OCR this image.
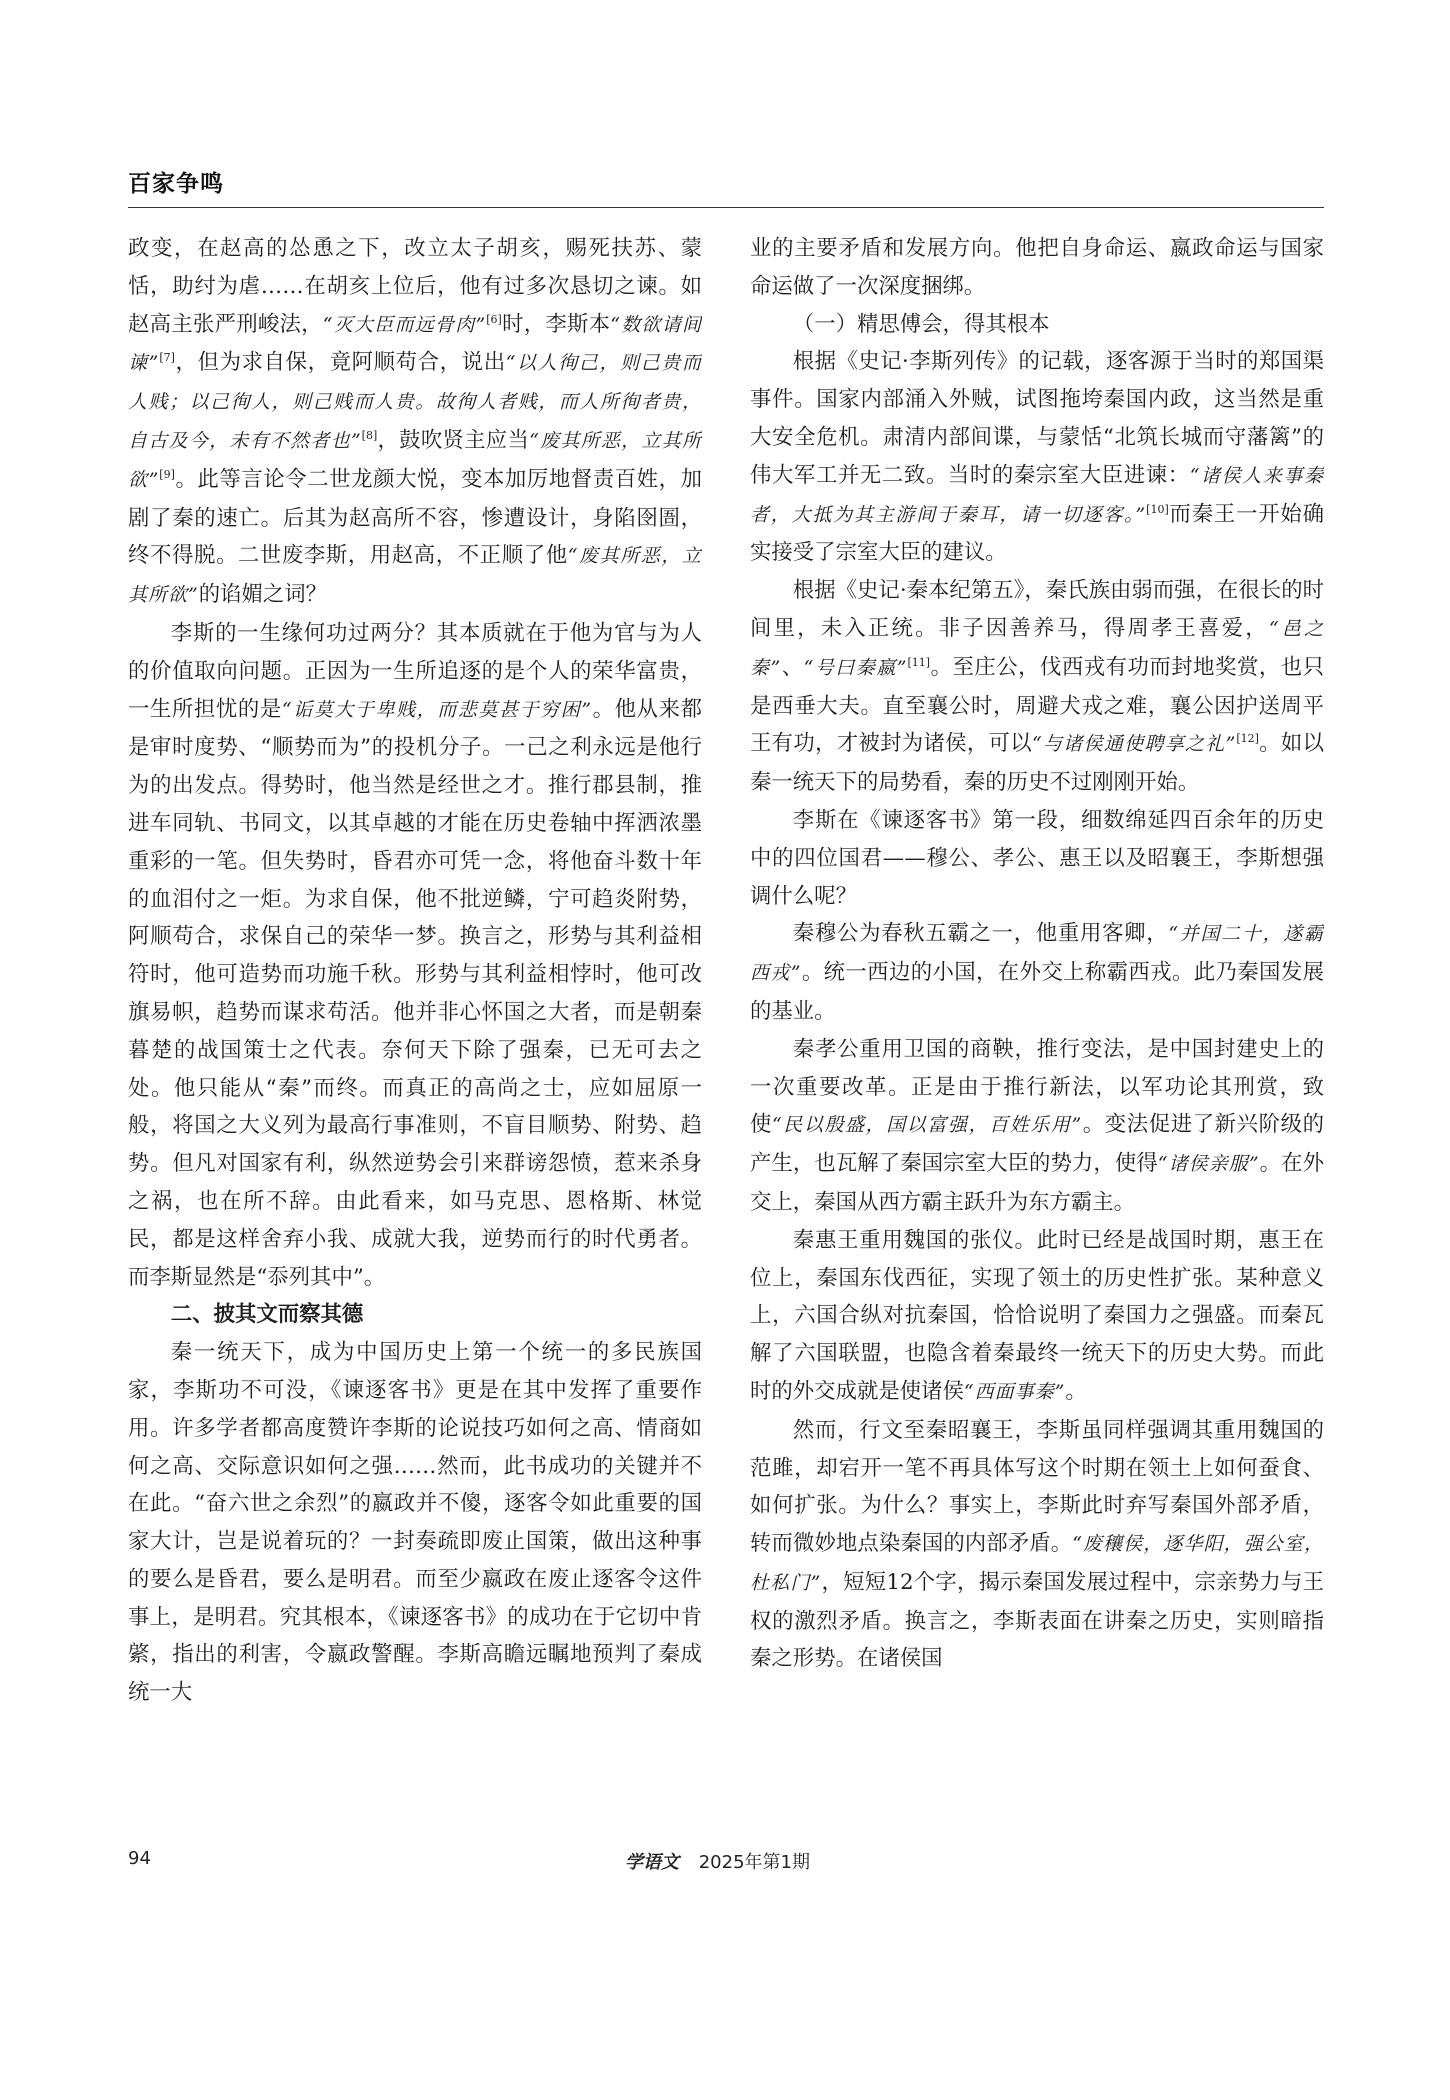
百家争鸣

政变，在赵高的怂恿之下，改立太子胡亥，赐死扶苏、蒙恬，助纣为虐……在胡亥上位后，他有过多次恳切之谏。如赵高主张严刑峻法，“灭大臣而远骨肉”[6]时，李斯本“数欲请间谏”[7]，但为求自保，竟阿顺苟合，说出“以人徇己，则己贵而人贱；以己徇人，则己贱而人贵。故徇人者贱，而人所徇者贵，自古及今，未有不然者也”[8]，鼓吹贤主应当“废其所恶，立其所欲”[9]。此等言论令二世龙颜大悦，变本加厉地督责百姓，加剧了秦的速亡。后其为赵高所不容，惨遭设计，身陷囹圄，终不得脱。二世废李斯，用赵高，不正顺了他“废其所恶，立其所欲”的谄媚之词？

李斯的一生缘何功过两分？其本质就在于他为官与为人的价值取向问题。正因为一生所追逐的是个人的荣华富贵，一生所担忧的是“诟莫大于卑贱，而悲莫甚于穷困”。他从来都是审时度势、“顺势而为”的投机分子。一己之利永远是他行为的出发点。得势时，他当然是经世之才。推行郡县制，推进车同轨、书同文，以其卓越的才能在历史卷轴中挥洒浓墨重彩的一笔。但失势时，昏君亦可凭一念，将他奋斗数十年的血泪付之一炬。为求自保，他不批逆鳞，宁可趋炎附势，阿顺苟合，求保自己的荣华一梦。换言之，形势与其利益相符时，他可造势而功施千秋。形势与其利益相悖时，他可改旗易帜，趋势而谋求苟活。他并非心怀国之大者，而是朝秦暮楚的战国策士之代表。奈何天下除了强秦，已无可去之处。他只能从“秦”而终。而真正的高尚之士，应如屈原一般，将国之大义列为最高行事准则，不盲目顺势、附势、趋势。但凡对国家有利，纵然逆势会引来群谤怨愤，惹来杀身之祸，也在所不辞。由此看来，如马克思、恩格斯、林觉民，都是这样舍弃小我、成就大我，逆势而行的时代勇者。而李斯显然是“忝列其中”。

二、披其文而察其德

秦一统天下，成为中国历史上第一个统一的多民族国家，李斯功不可没，《谏逐客书》更是在其中发挥了重要作用。许多学者都高度赞许李斯的论说技巧如何之高、情商如何之高、交际意识如何之强……然而，此书成功的关键并不在此。“奋六世之余烈”的嬴政并不傻，逐客令如此重要的国家大计，岂是说着玩的？一封奏疏即废止国策，做出这种事的要么是昏君，要么是明君。而至少嬴政在废止逐客令这件事上，是明君。究其根本，《谏逐客书》的成功在于它切中肯綮，指出的利害，令嬴政警醒。李斯高瞻远瞩地预判了秦成统一大

业的主要矛盾和发展方向。他把自身命运、嬴政命运与国家命运做了一次深度捆绑。

（一）精思傅会，得其根本

根据《史记·李斯列传》的记载，逐客源于当时的郑国渠事件。国家内部涌入外贼，试图拖垮秦国内政，这当然是重大安全危机。肃清内部间谍，与蒙恬“北筑长城而守藩篱”的伟大军工并无二致。当时的秦宗室大臣进谏：“诸侯人来事秦者，大抵为其主游间于秦耳，请一切逐客。”[10]而秦王一开始确实接受了宗室大臣的建议。

根据《史记·秦本纪第五》，秦氏族由弱而强，在很长的时间里，未入正统。非子因善养马，得周孝王喜爱，“邑之秦”、“号曰秦嬴”[11]。至庄公，伐西戎有功而封地奖赏，也只是西垂大夫。直至襄公时，周避犬戎之难，襄公因护送周平王有功，才被封为诸侯，可以“与诸侯通使聘享之礼”[12]。如以秦一统天下的局势看，秦的历史不过刚刚开始。

李斯在《谏逐客书》第一段，细数绵延四百余年的历史中的四位国君——穆公、孝公、惠王以及昭襄王，李斯想强调什么呢？

秦穆公为春秋五霸之一，他重用客卿，“并国二十，遂霸西戎”。统一西边的小国，在外交上称霸西戎。此乃秦国发展的基业。

秦孝公重用卫国的商鞅，推行变法，是中国封建史上的一次重要改革。正是由于推行新法，以军功论其刑赏，致使“民以殷盛，国以富强，百姓乐用”。变法促进了新兴阶级的产生，也瓦解了秦国宗室大臣的势力，使得“诸侯亲服”。在外交上，秦国从西方霸主跃升为东方霸主。

秦惠王重用魏国的张仪。此时已经是战国时期，惠王在位上，秦国东伐西征，实现了领土的历史性扩张。某种意义上，六国合纵对抗秦国，恰恰说明了秦国力之强盛。而秦瓦解了六国联盟，也隐含着秦最终一统天下的历史大势。而此时的外交成就是使诸侯“西面事秦”。

然而，行文至秦昭襄王，李斯虽同样强调其重用魏国的范雎，却宕开一笔不再具体写这个时期在领土上如何蚕食、如何扩张。为什么？事实上，李斯此时弃写秦国外部矛盾，转而微妙地点染秦国的内部矛盾。“废穰侯，逐华阳，强公室，杜私门”，短短12个字，揭示秦国发展过程中，宗亲势力与王权的激烈矛盾。换言之，李斯表面在讲秦之历史，实则暗指秦之形势。在诸侯国

94	学语文 2025年第1期
